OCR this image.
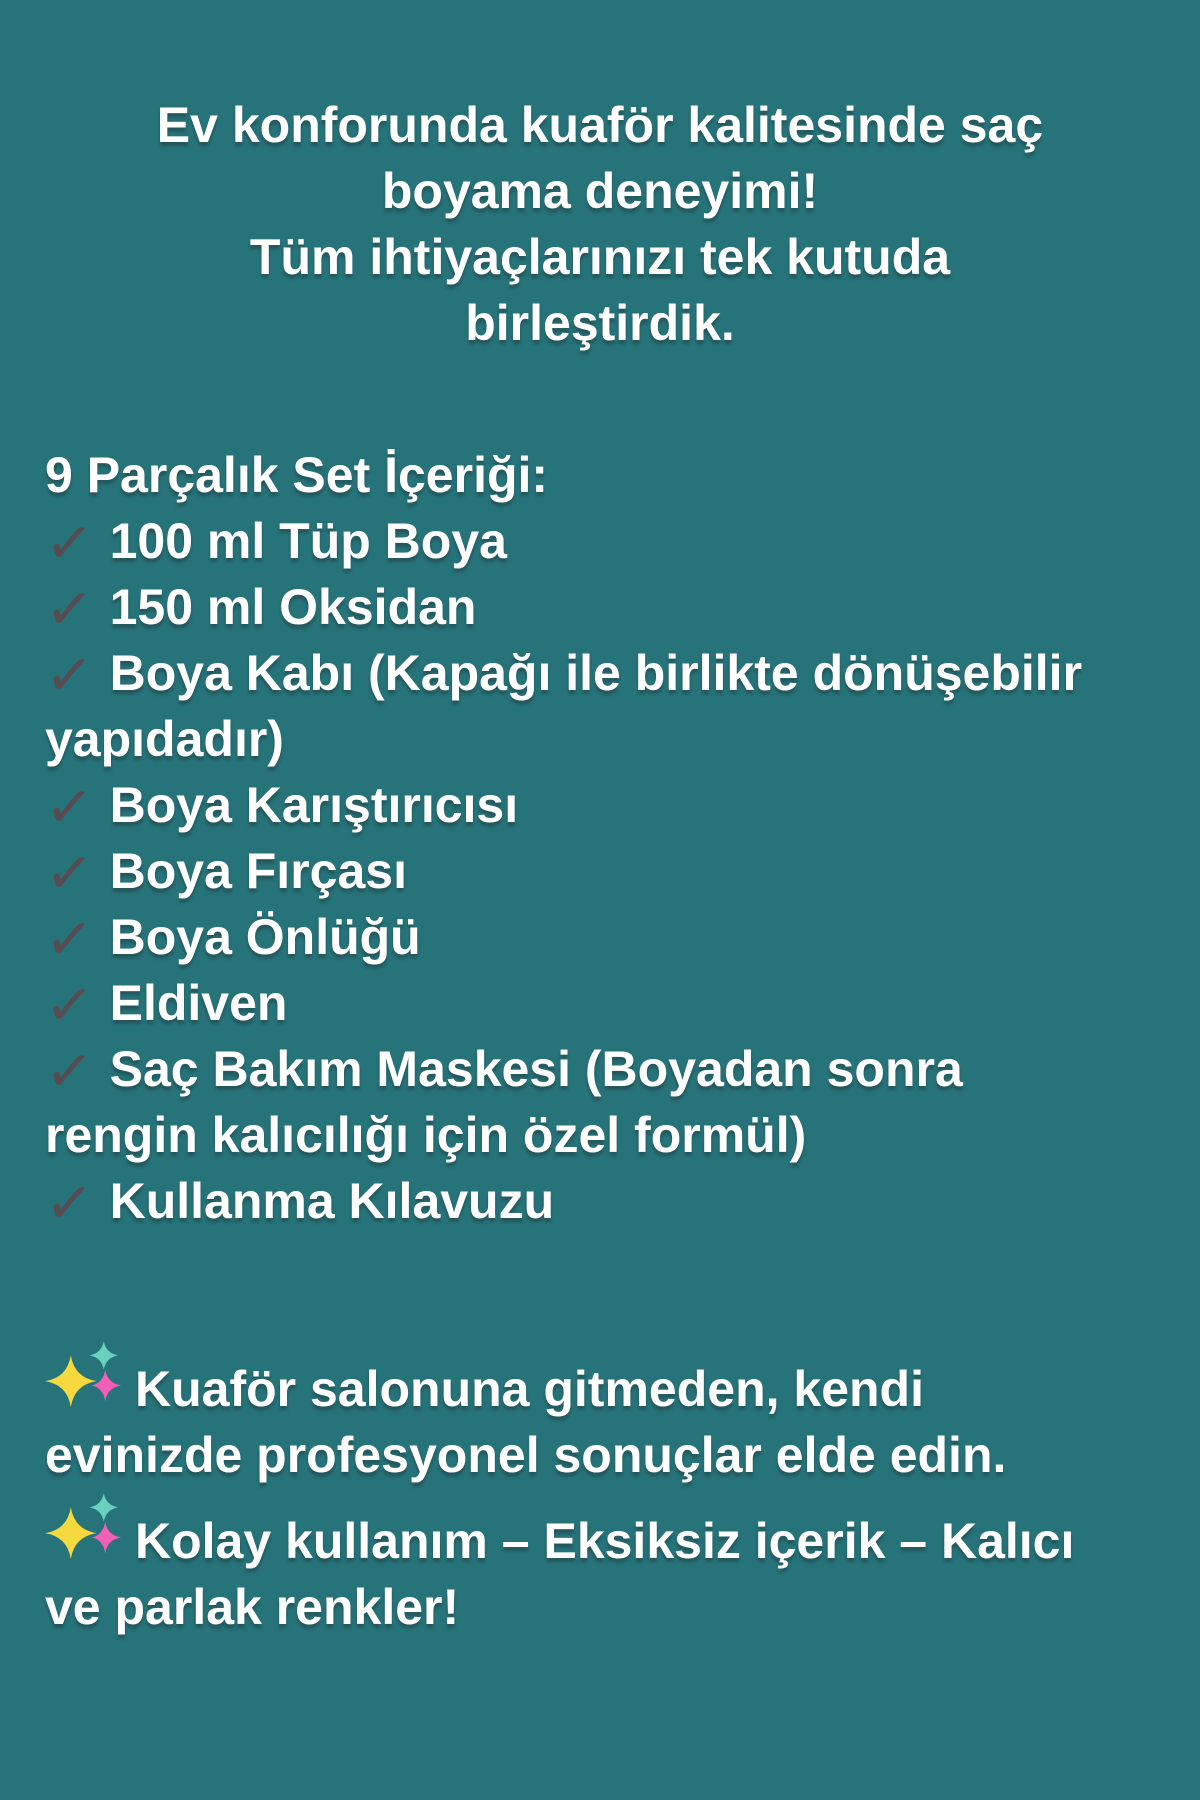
Ev konforunda kuaför kalitesinde saç
boyama deneyimi!
Tüm ihtiyaçlarınızı tek kutuda
birleştirdik.
9 Parçalık Set İçeriği:
✓ 100 ml Tüp Boya
✓ 150 ml Oksidan
✓ Boya Kabı (Kapağı ile birlikte dönüşebilir yapıdadır)
✓ Boya Karıştırıcısı
✓ Boya Fırçası
✓ Boya Önlüğü
✓ Eldiven
✓ Saç Bakım Maskesi (Boyadan sonra rengin kalıcılığı için özel formül)
✓ Kullanma Kılavuzu

Kuaför salonuna gitmeden, kendi evinizde profesyonel sonuçlar elde edin.

Kolay kullanım – Eksiksiz içerik – Kalıcı ve parlak renkler!
